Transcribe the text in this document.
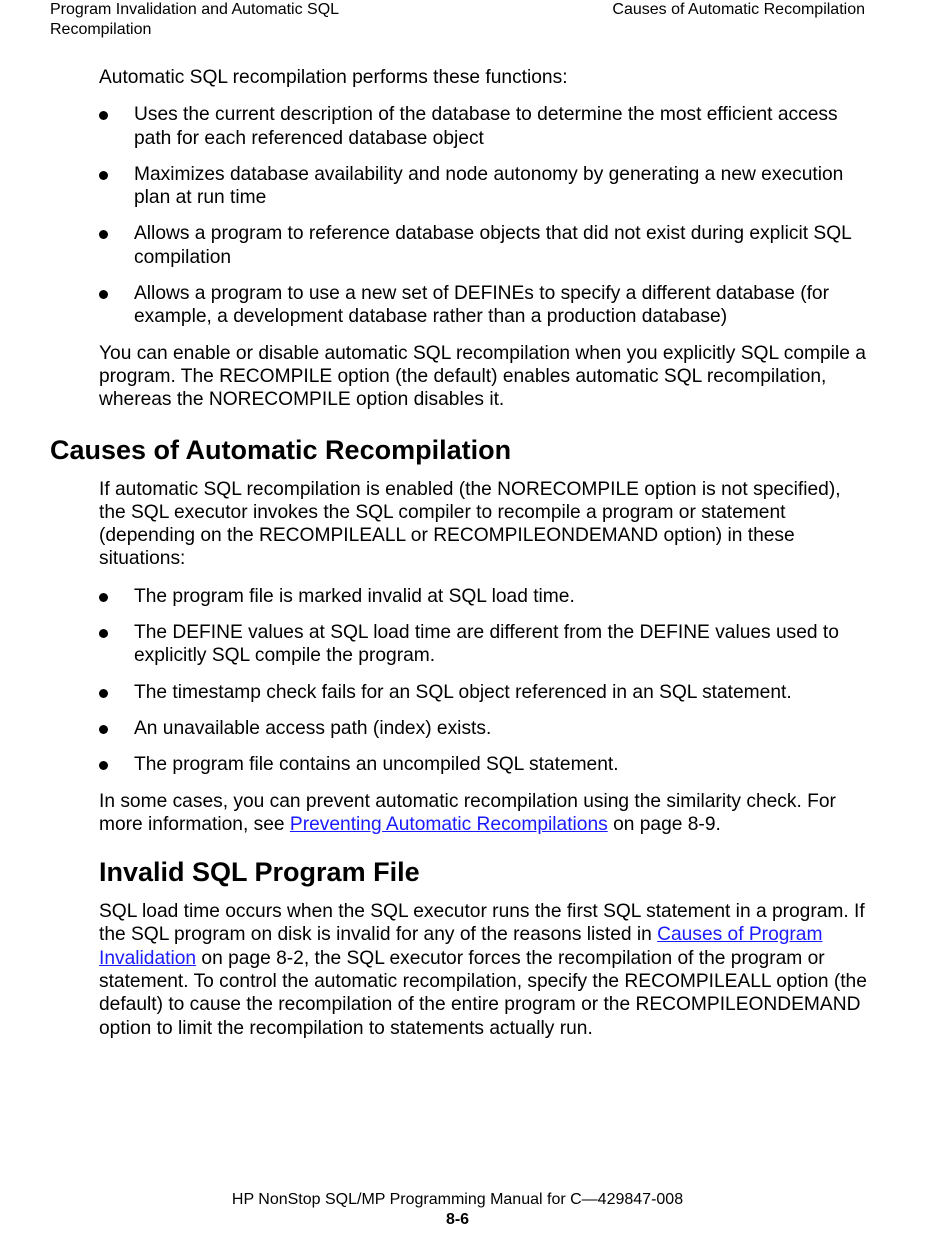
Program Invalidation and Automatic SQL Recompilation
Causes of Automatic Recompilation

Automatic SQL recompilation performs these functions:

Uses the current description of the database to determine the most efficient access path for each referenced database object
Maximizes database availability and node autonomy by generating a new execution plan at run time
Allows a program to reference database objects that did not exist during explicit SQL compilation
Allows a program to use a new set of DEFINEs to specify a different database (for example, a development database rather than a production database)

You can enable or disable automatic SQL recompilation when you explicitly SQL compile a program. The RECOMPILE option (the default) enables automatic SQL recompilation, whereas the NORECOMPILE option disables it.

Causes of Automatic Recompilation

If automatic SQL recompilation is enabled (the NORECOMPILE option is not specified), the SQL executor invokes the SQL compiler to recompile a program or statement (depending on the RECOMPILEALL or RECOMPILEONDEMAND option) in these situations:

The program file is marked invalid at SQL load time.
The DEFINE values at SQL load time are different from the DEFINE values used to explicitly SQL compile the program.
The timestamp check fails for an SQL object referenced in an SQL statement.
An unavailable access path (index) exists.
The program file contains an uncompiled SQL statement.

In some cases, you can prevent automatic recompilation using the similarity check. For more information, see Preventing Automatic Recompilations on page 8-9.

Invalid SQL Program File

SQL load time occurs when the SQL executor runs the first SQL statement in a program. If the SQL program on disk is invalid for any of the reasons listed in Causes of Program Invalidation on page 8-2, the SQL executor forces the recompilation of the program or statement. To control the automatic recompilation, specify the RECOMPILEALL option (the default) to cause the recompilation of the entire program or the RECOMPILEONDEMAND option to limit the recompilation to statements actually run.

HP NonStop SQL/MP Programming Manual for C—429847-008
8-6
